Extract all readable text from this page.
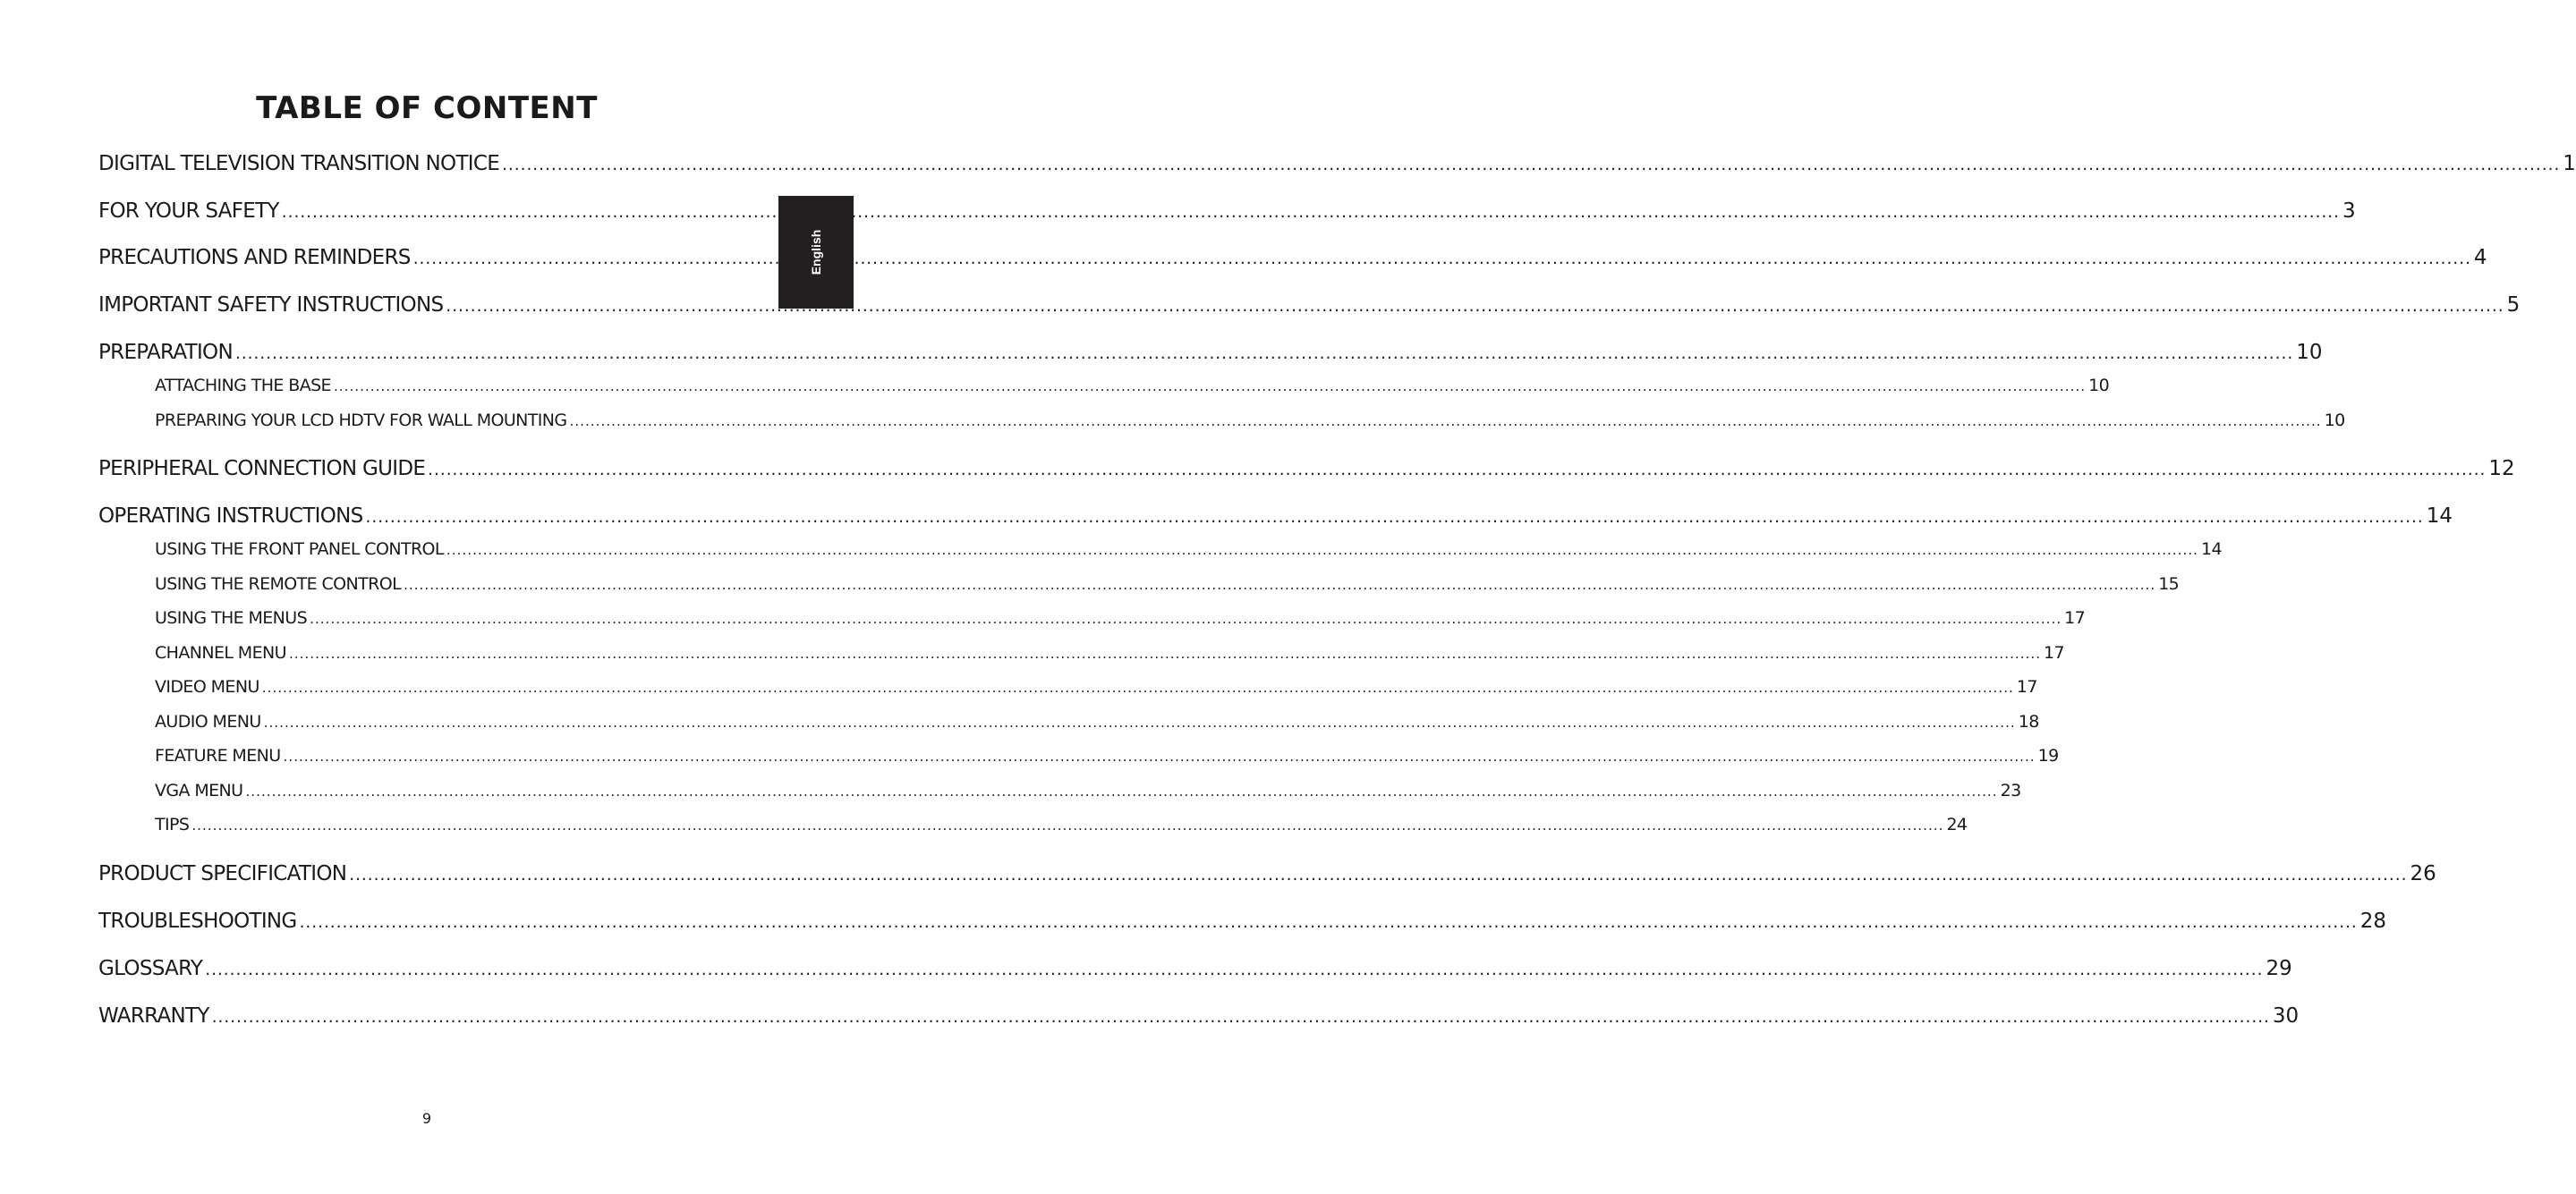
TABLE OF CONTENT
DIGITAL TELEVISION TRANSITION NOTICE .....	1
FOR YOUR SAFETY .....	3
PRECAUTIONS AND REMINDERS .....	4
IMPORTANT SAFETY INSTRUCTIONS .....	5
PREPARATION .....	10
ATTACHING THE BASE .....	10
PREPARING YOUR LCD HDTV FOR WALL MOUNTING .....	10
PERIPHERAL CONNECTION GUIDE .....	12
OPERATING INSTRUCTIONS .....	14
USING THE FRONT PANEL CONTROL .....	14
USING THE REMOTE CONTROL .....	15
USING THE MENUS .....	17
CHANNEL MENU .....	17
VIDEO MENU .....	17
AUDIO MENU .....	18
FEATURE MENU .....	19
VGA MENU .....	23
TIPS .....	24
PRODUCT SPECIFICATION .....	26
TROUBLESHOOTING .....	28
GLOSSARY .....	29
WARRANTY .....	30
English
9
